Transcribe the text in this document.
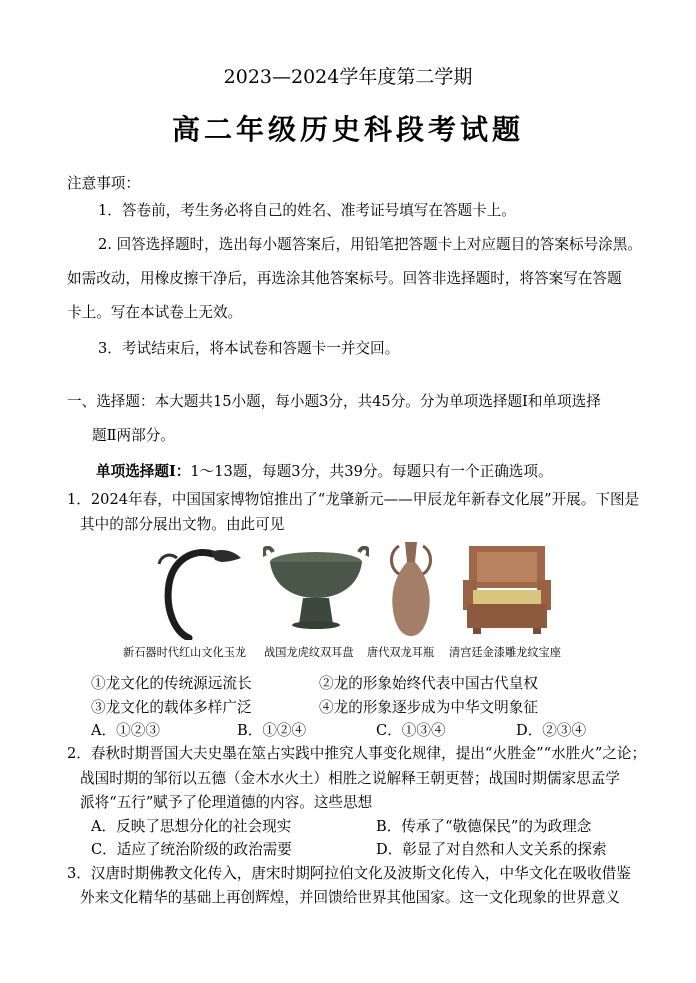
2023—2024学年度第二学期
高二年级历史科段考试题
注意事项：
1．答卷前，考生务必将自己的姓名、准考证号填写在答题卡上。
2. 回答选择题时，选出每小题答案后，用铅笔把答题卡上对应题目的答案标号涂黑。
如需改动，用橡皮擦干净后，再选涂其他答案标号。回答非选择题时，将答案写在答题
卡上。写在本试卷上无效。
3．考试结束后，将本试卷和答题卡一并交回。
一、选择题：本大题共15小题，每小题3分，共45分。分为单项选择题Ⅰ和单项选择
题Ⅱ两部分。
单项选择题Ⅰ：1～13题，每题3分，共39分。每题只有一个正确选项。
1．2024年春，中国国家博物馆推出了“龙肇新元——甲辰龙年新春文化展”开展。下图是
其中的部分展出文物。由此可见
新石器时代红山文化玉龙 战国龙虎纹双耳盘 唐代双龙耳瓶 清宫廷金漆雕龙纹宝座
①龙文化的传统源远流长	②龙的形象始终代表中国古代皇权
③龙文化的载体多样广泛	④龙的形象逐步成为中华文明象征
A．①②③	B．①②④	C．①③④	D．②③④
2．春秋时期晋国大夫史墨在筮占实践中推究人事变化规律，提出“火胜金”“水胜火”之论；
战国时期的邹衍以五德（金木水火土）相胜之说解释王朝更替；战国时期儒家思孟学
派将“五行”赋予了伦理道德的内容。这些思想
A．反映了思想分化的社会现实	B．传承了“敬德保民”的为政理念
C．适应了统治阶级的政治需要	D．彰显了对自然和人文关系的探索
3．汉唐时期佛教文化传入，唐宋时期阿拉伯文化及波斯文化传入，中华文化在吸收借鉴
外来文化精华的基础上再创辉煌，并回馈给世界其他国家。这一文化现象的世界意义
